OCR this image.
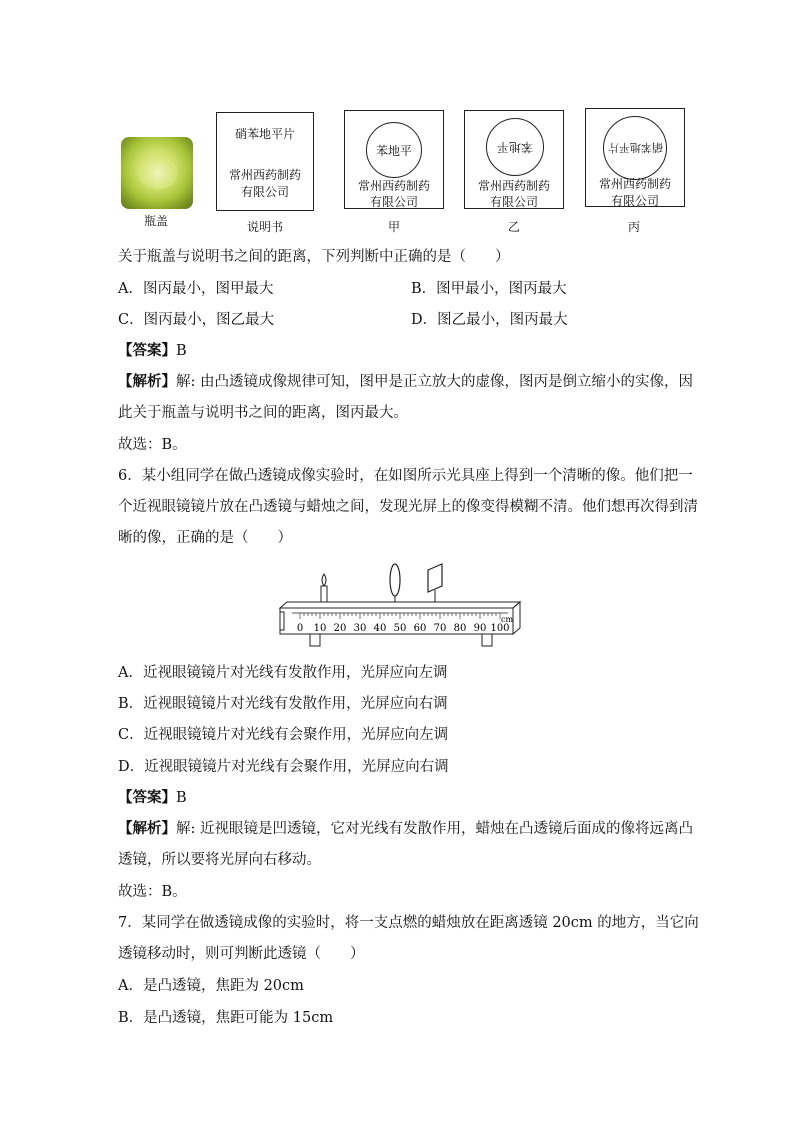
瓶盖
硝苯地平片
常州西药制药
有限公司
说明书
苯地平
常州西药制药
有限公司
甲
苯地平
常州西药制药
有限公司
乙
硝苯地平片
常州西药制药
有限公司
丙
关于瓶盖与说明书之间的距离，下列判断中正确的是（　　）
A．图丙最小，图甲最大	B．图甲最小，图丙最大
C．图丙最小，图乙最大	D．图乙最小，图丙最大
【答案】B
【解析】解: 由凸透镜成像规律可知，图甲是正立放大的虚像，图丙是倒立缩小的实像，因
此关于瓶盖与说明书之间的距离，图丙最大。
故选：B。
6．某小组同学在做凸透镜成像实验时，在如图所示光具座上得到一个清晰的像。他们把一
个近视眼镜镜片放在凸透镜与蜡烛之间，发现光屏上的像变得模糊不清。他们想再次得到清
晰的像，正确的是（　　）
0 10 20 30 40 50 60 70 80 90 100
cm
A．近视眼镜镜片对光线有发散作用，光屏应向左调
B．近视眼镜镜片对光线有发散作用，光屏应向右调
C．近视眼镜镜片对光线有会聚作用，光屏应向左调
D．近视眼镜镜片对光线有会聚作用，光屏应向右调
【答案】B
【解析】解: 近视眼镜是凹透镜，它对光线有发散作用，蜡烛在凸透镜后面成的像将远离凸
透镜，所以要将光屏向右移动。
故选：B。
7．某同学在做透镜成像的实验时，将一支点燃的蜡烛放在距离透镜 20cm 的地方，当它向
透镜移动时，则可判断此透镜（　　）
A．是凸透镜，焦距为 20cm
B．是凸透镜，焦距可能为 15cm
